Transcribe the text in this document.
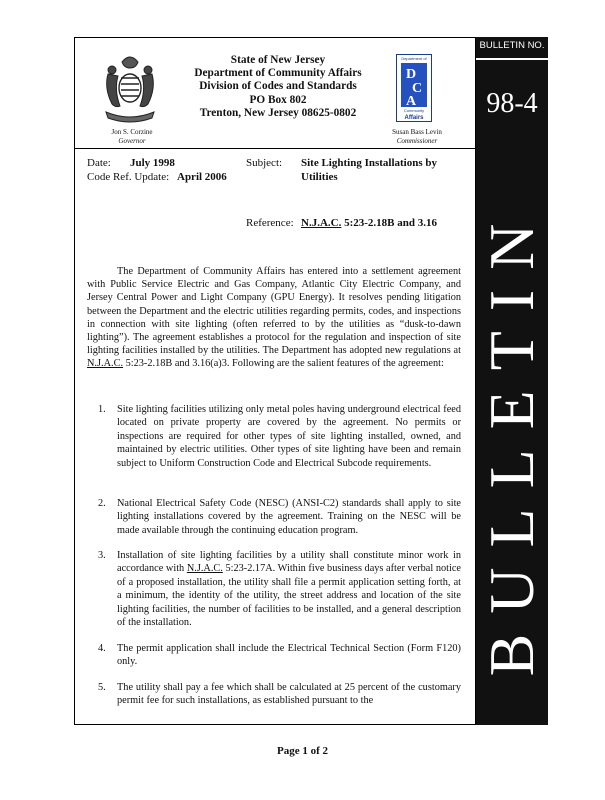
BULLETIN NO.
98-4
BULLETIN
Jon S. Corzine
Governor
State of New Jersey
Department of Community Affairs
Division of Codes and Standards
PO Box 802
Trenton, New Jersey 08625-0802
Department of
D
C
A
Community
Affairs
Susan Bass Levin
Commissioner
Date: July 1998
Code Ref. Update: April 2006
Subject: Site Lighting Installations by
Utilities
Reference: N.J.A.C. 5:23-2.18B and 3.16

The Department of Community Affairs has entered into a settlement agreement with Public Service Electric and Gas Company, Atlantic City Electric Company, and Jersey Central Power and Light Company (GPU Energy). It resolves pending litigation between the Department and the electric utilities regarding permits, codes, and inspections in connection with site lighting (often referred to by the utilities as “dusk-to-dawn lighting”). The agreement establishes a protocol for the regulation and inspection of site lighting facilities installed by the utilities. The Department has adopted new regulations at N.J.A.C. 5:23-2.18B and 3.16(a)3. Following are the salient features of the agreement:

1.	Site lighting facilities utilizing only metal poles having underground electrical feed located on private property are covered by the agreement. No permits or inspections are required for other types of site lighting installed, owned, and maintained by electric utilities. Other types of site lighting have been and remain subject to Uniform Construction Code and Electrical Subcode requirements.
2.	National Electrical Safety Code (NESC) (ANSI-C2) standards shall apply to site lighting installations covered by the agreement. Training on the NESC will be made available through the continuing education program.
3.	Installation of site lighting facilities by a utility shall constitute minor work in accordance with N.J.A.C. 5:23-2.17A. Within five business days after verbal notice of a proposed installation, the utility shall file a permit application setting forth, at a minimum, the identity of the utility, the street address and location of the site lighting facilities, the number of facilities to be installed, and a general description of the installation.
4.	The permit application shall include the Electrical Technical Section (Form F120) only.
5.	The utility shall pay a fee which shall be calculated at 25 percent of the customary permit fee for such installations, as established pursuant to the
Page 1 of 2
